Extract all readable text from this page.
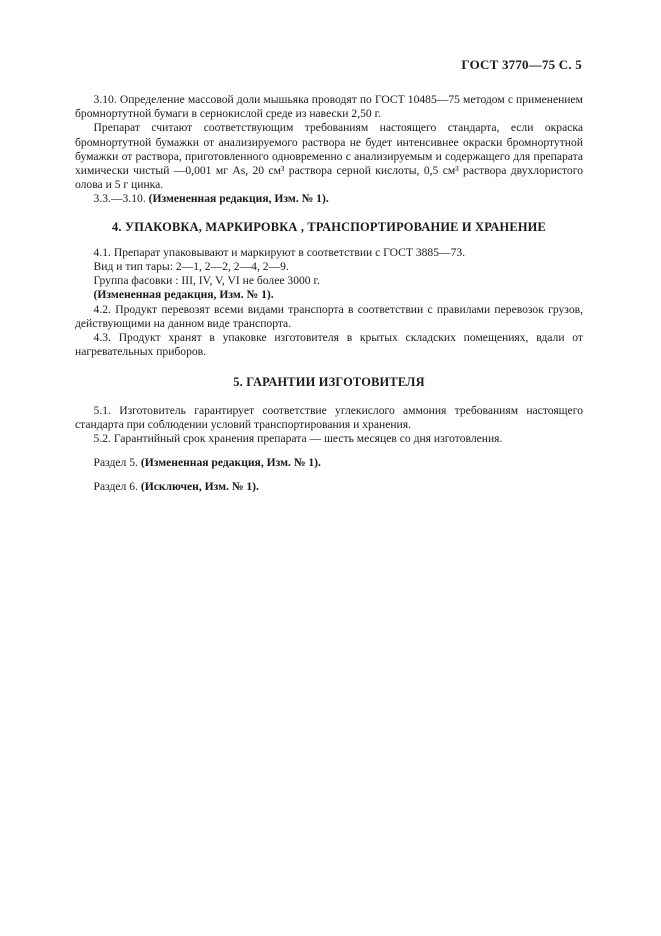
ГОСТ 3770—75 С. 5

3.10. Определение массовой доли мышьяка проводят по ГОСТ 10485—75 методом с применением бромнортутной бумаги в сернокислой среде из навески 2,50 г.

Препарат считают соответствующим требованиям настоящего стандарта, если окраска бромнортутной бумажки от анализируемого раствора не будет интенсивнее окраски бромнортутной бумажки от раствора, приготовленного одновременно с анализируемым и содержащего для препарата химически чистый —0,001 мг As, 20 см³ раствора серной кислоты, 0,5 см³ раствора двухлористого олова и 5 г цинка.

3.3.—3.10. (Измененная редакция, Изм. № 1).

4. УПАКОВКА, МАРКИРОВКА , ТРАНСПОРТИРОВАНИЕ И ХРАНЕНИЕ

4.1. Препарат упаковывают и маркируют в соответствии с ГОСТ 3885—73.

Вид и тип тары: 2—1, 2—2, 2—4, 2—9.

Группа фасовки : III, IV, V, VI не более 3000 г.

(Измененная редакция, Изм. № 1).

4.2. Продукт перевозят всеми видами транспорта в соответствии с правилами перевозок грузов, действующими на данном виде транспорта.

4.3. Продукт хранят в упаковке изготовителя в крытых складских помещениях, вдали от нагревательных приборов.

5. ГАРАНТИИ ИЗГОТОВИТЕЛЯ

5.1. Изготовитель гарантирует соответствие углекислого аммония требованиям настоящего стандарта при соблюдении условий транспортирования и хранения.

5.2. Гарантийный срок хранения препарата — шесть месяцев со дня изготовления.

Раздел 5. (Измененная редакция, Изм. № 1).

Раздел 6. (Исключен, Изм. № 1).
